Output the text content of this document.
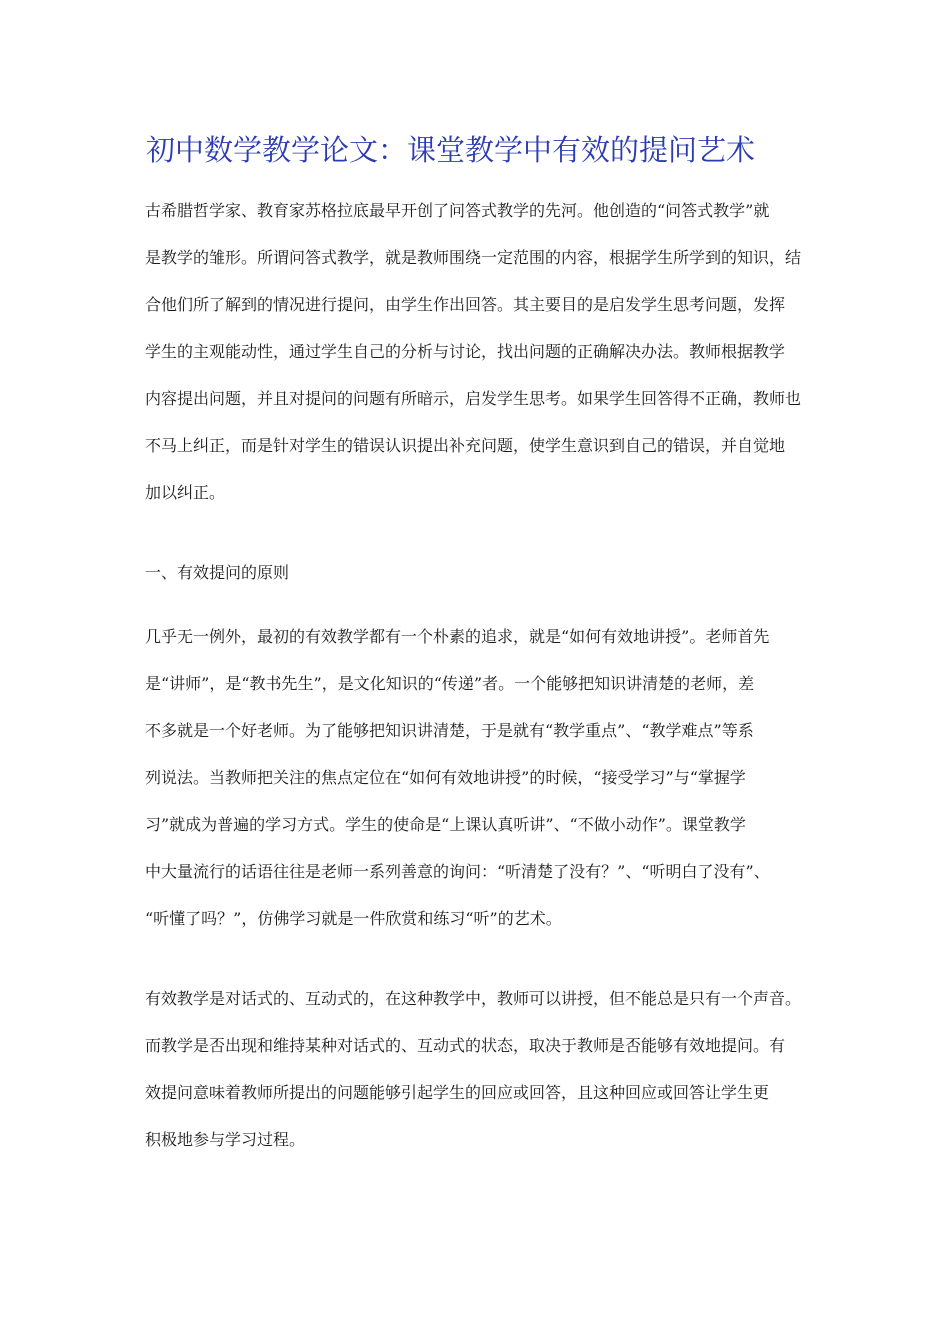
初中数学教学论文：课堂教学中有效的提问艺术

古希腊哲学家、教育家苏格拉底最早开创了问答式教学的先河。他创造的“问答式教学”就

是教学的雏形。所谓问答式教学，就是教师围绕一定范围的内容，根据学生所学到的知识，结

合他们所了解到的情况进行提问，由学生作出回答。其主要目的是启发学生思考问题，发挥

学生的主观能动性，通过学生自己的分析与讨论，找出问题的正确解决办法。教师根据教学

内容提出问题，并且对提问的问题有所暗示，启发学生思考。如果学生回答得不正确，教师也

不马上纠正，而是针对学生的错误认识提出补充问题，使学生意识到自己的错误，并自觉地

加以纠正。

一、有效提问的原则

几乎无一例外，最初的有效教学都有一个朴素的追求，就是“如何有效地讲授”。老师首先

是“讲师”，是“教书先生”，是文化知识的“传递”者。一个能够把知识讲清楚的老师，差

不多就是一个好老师。为了能够把知识讲清楚，于是就有“教学重点”、“教学难点”等系

列说法。当教师把关注的焦点定位在“如何有效地讲授”的时候，“接受学习”与“掌握学

习”就成为普遍的学习方式。学生的使命是“上课认真听讲”、“不做小动作”。课堂教学

中大量流行的话语往往是老师一系列善意的询问：“听清楚了没有？”、“听明白了没有”、

“听懂了吗？”，仿佛学习就是一件欣赏和练习“听”的艺术。

有效教学是对话式的、互动式的，在这种教学中，教师可以讲授，但不能总是只有一个声音。

而教学是否出现和维持某种对话式的、互动式的状态，取决于教师是否能够有效地提问。有

效提问意味着教师所提出的问题能够引起学生的回应或回答，且这种回应或回答让学生更

积极地参与学习过程。
